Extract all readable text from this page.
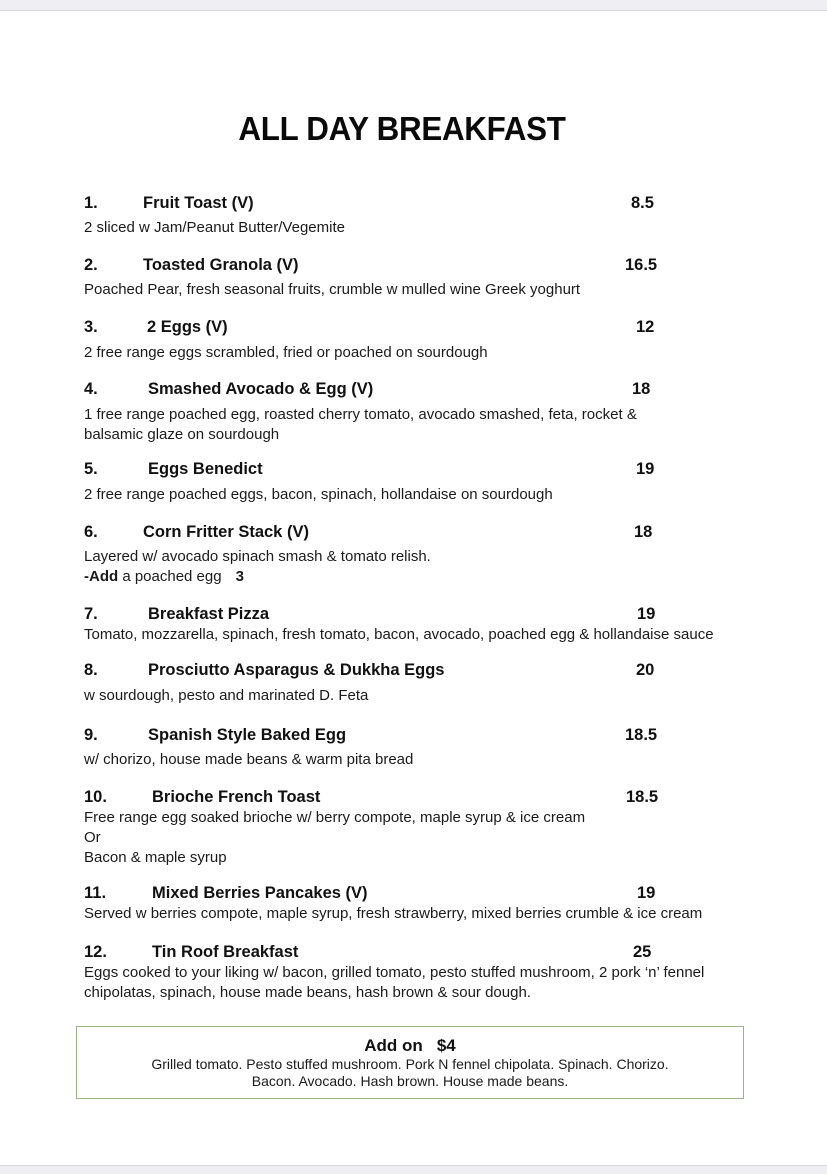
ALL DAY BREAKFAST
1.	Fruit Toast (V)	8.5
2 sliced w Jam/Peanut Butter/Vegemite
2.	Toasted Granola (V)	16.5
Poached Pear, fresh seasonal fruits, crumble w mulled wine Greek yoghurt
3.	2 Eggs (V)	12
2 free range eggs scrambled, fried or poached on sourdough
4.	Smashed Avocado & Egg (V)	18
1 free range poached egg, roasted cherry tomato, avocado smashed, feta, rocket &
balsamic glaze on sourdough
5.	Eggs Benedict	19
2 free range poached eggs, bacon, spinach, hollandaise on sourdough
6.	Corn Fritter Stack (V)	18
Layered w/ avocado spinach smash & tomato relish.
-Add a poached egg 3
7.	Breakfast Pizza	19
Tomato, mozzarella, spinach, fresh tomato, bacon, avocado, poached egg & hollandaise sauce
8.	Prosciutto Asparagus & Dukkha Eggs	20
w sourdough, pesto and marinated D. Feta
9.	Spanish Style Baked Egg	18.5
w/ chorizo, house made beans & warm pita bread
10.	Brioche French Toast	18.5
Free range egg soaked brioche w/ berry compote, maple syrup & ice cream
Or
Bacon & maple syrup
11.	Mixed Berries Pancakes (V)	19
Served w berries compote, maple syrup, fresh strawberry, mixed berries crumble & ice cream
12.	Tin Roof Breakfast	25
Eggs cooked to your liking w/ bacon, grilled tomato, pesto stuffed mushroom, 2 pork ‘n’ fennel
chipolatas, spinach, house made beans, hash brown & sour dough.
Add on $4
Grilled tomato. Pesto stuffed mushroom. Pork N fennel chipolata. Spinach. Chorizo.
Bacon. Avocado. Hash brown. House made beans.
